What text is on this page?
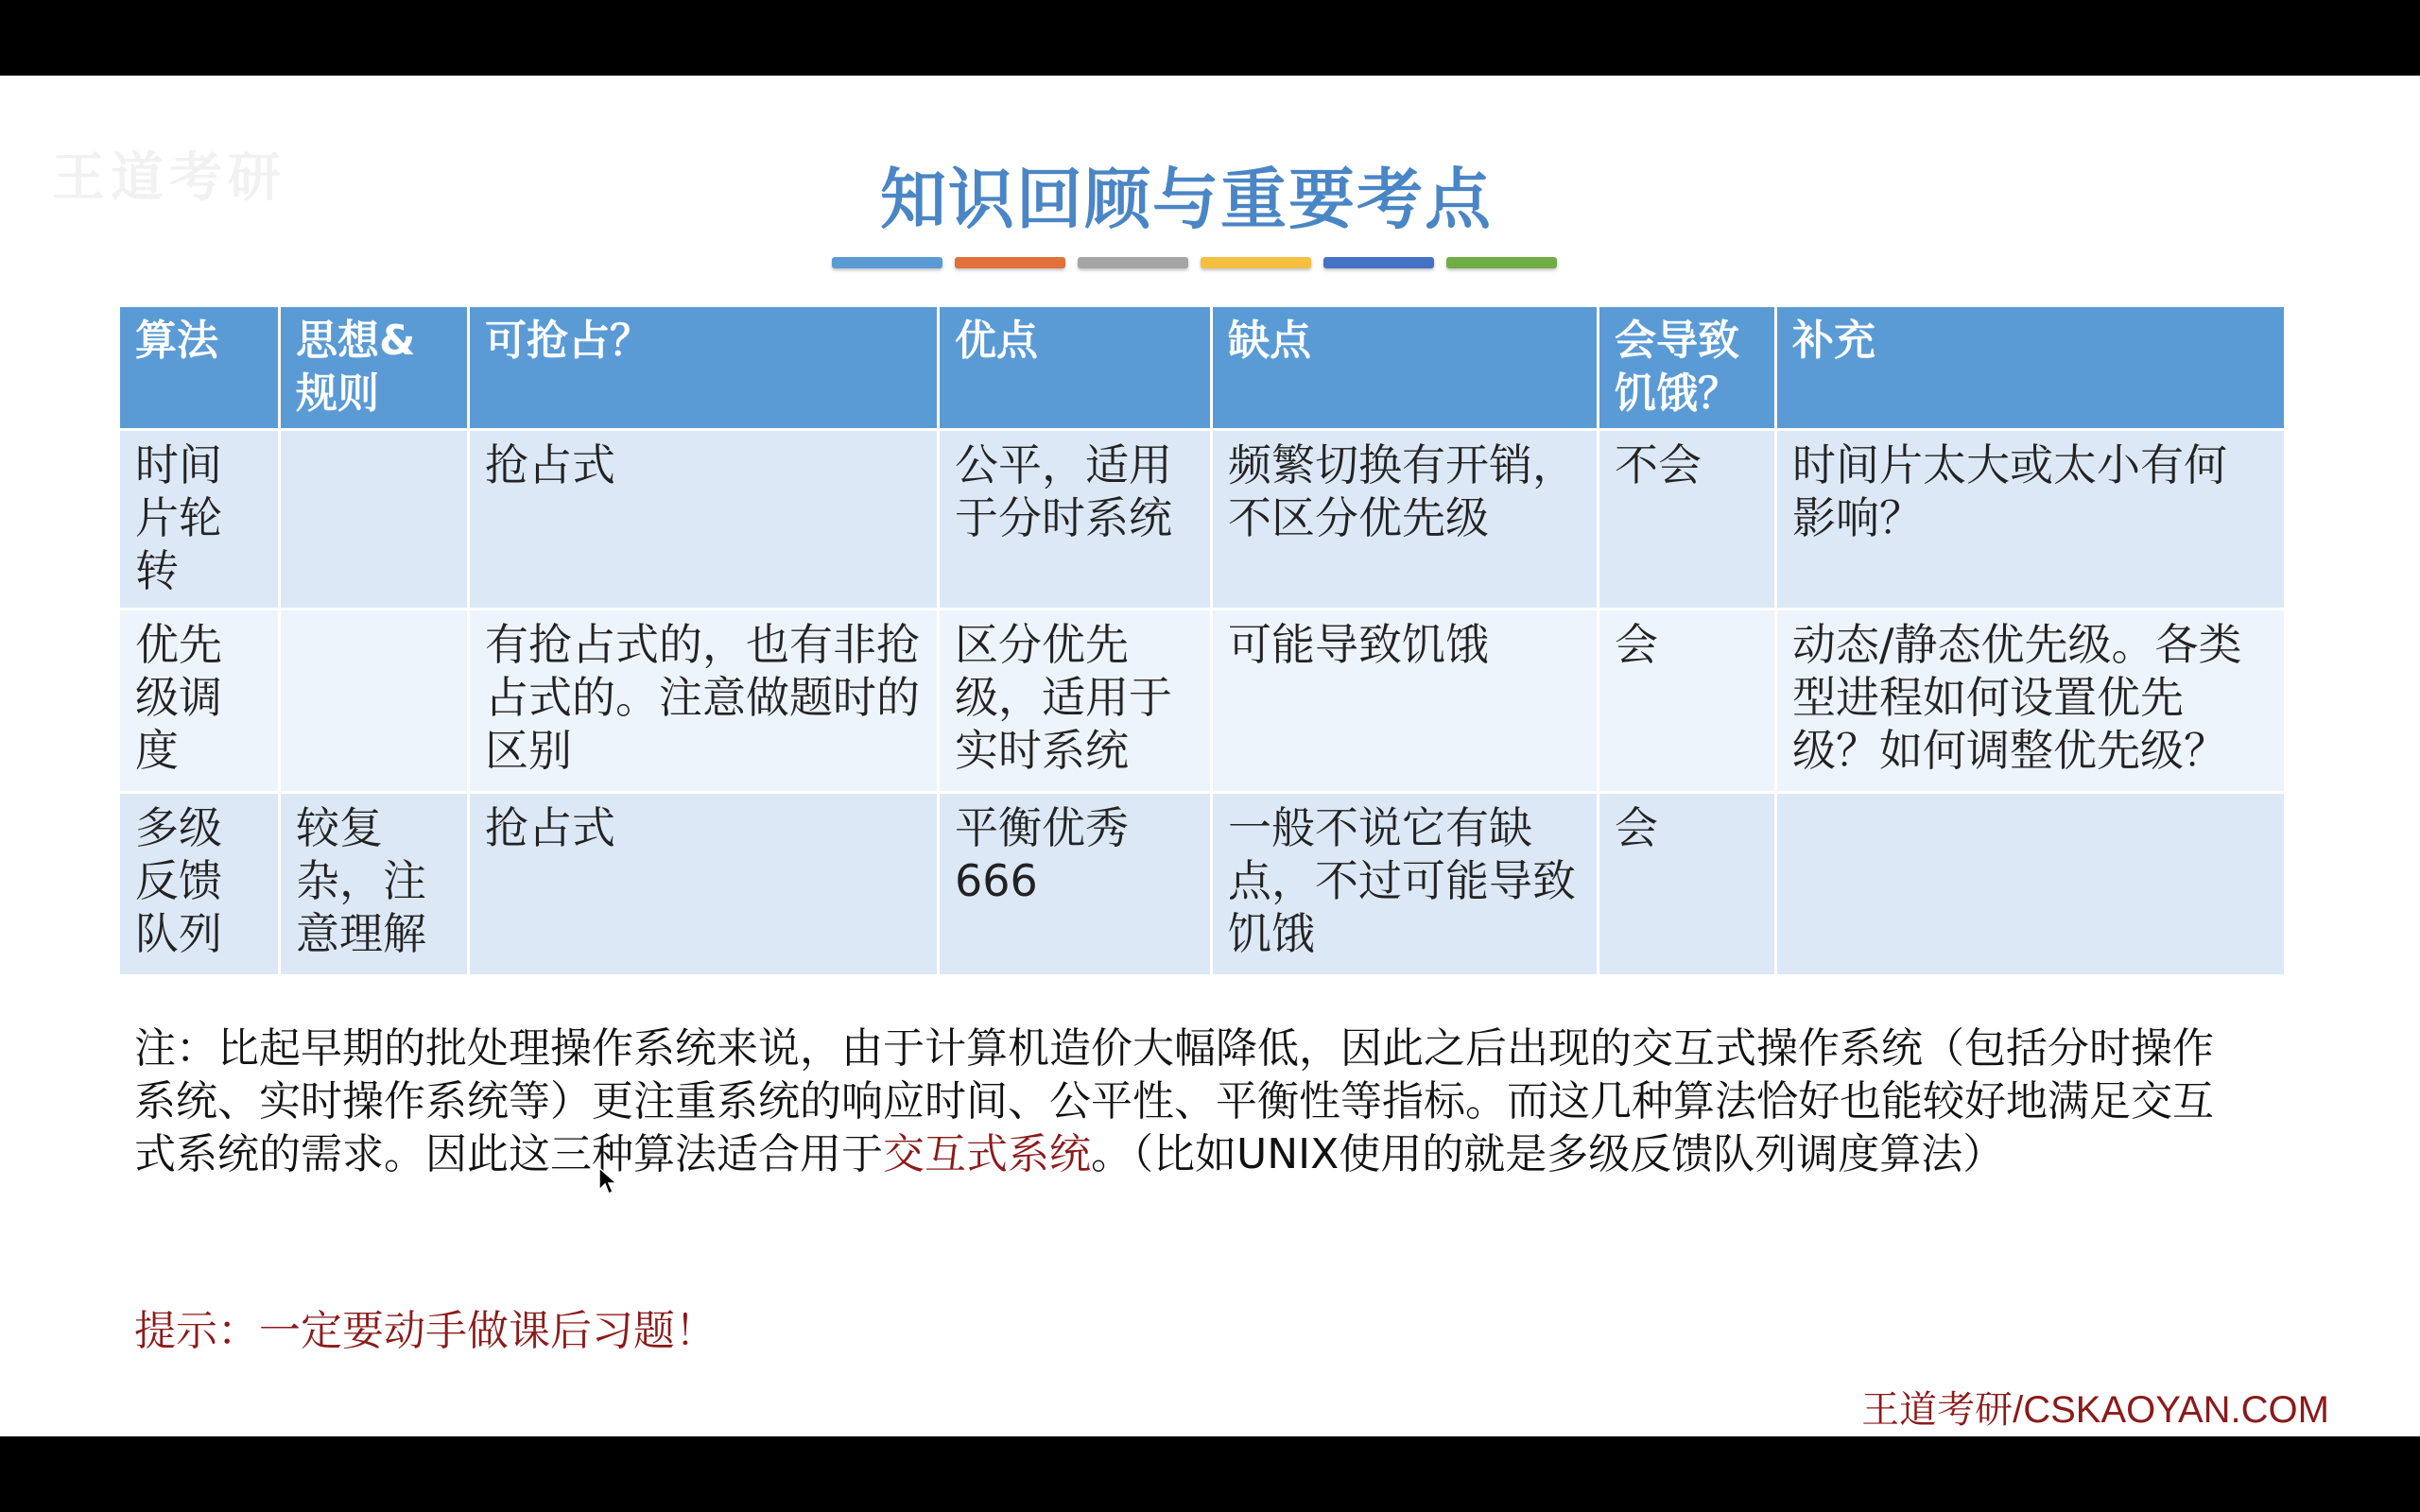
王道考研	知识回顾与重要考点
算法	思想&规则	可抢占？	优点	缺点	会导致饥饿？	补充
时间片轮转		抢占式	公平，适用于分时系统	频繁切换有开销，不区分优先级	不会	时间片太大或太小有何影响？
优先级调度		有抢占式的，也有非抢占式的。注意做题时的区别	区分优先级，适用于实时系统	可能导致饥饿	会	动态/静态优先级。各类型进程如何设置优先级？如何调整优先级？
多级反馈队列	较复杂，注意理解	抢占式	平衡优秀666	一般不说它有缺点，不过可能导致饥饿	会	
注：比起早期的批处理操作系统来说，由于计算机造价大幅降低，因此之后出现的交互式操作系统（包括分时操作系统、实时操作系统等）更注重系统的响应时间、公平性、平衡性等指标。而这几种算法恰好也能较好地满足交互式系统的需求。因此这三种算法适合用于交互式系统。（比如UNIX使用的就是多级反馈队列调度算法）
提示：一定要动手做课后习题！
王道考研/CSKAOYAN.COM
